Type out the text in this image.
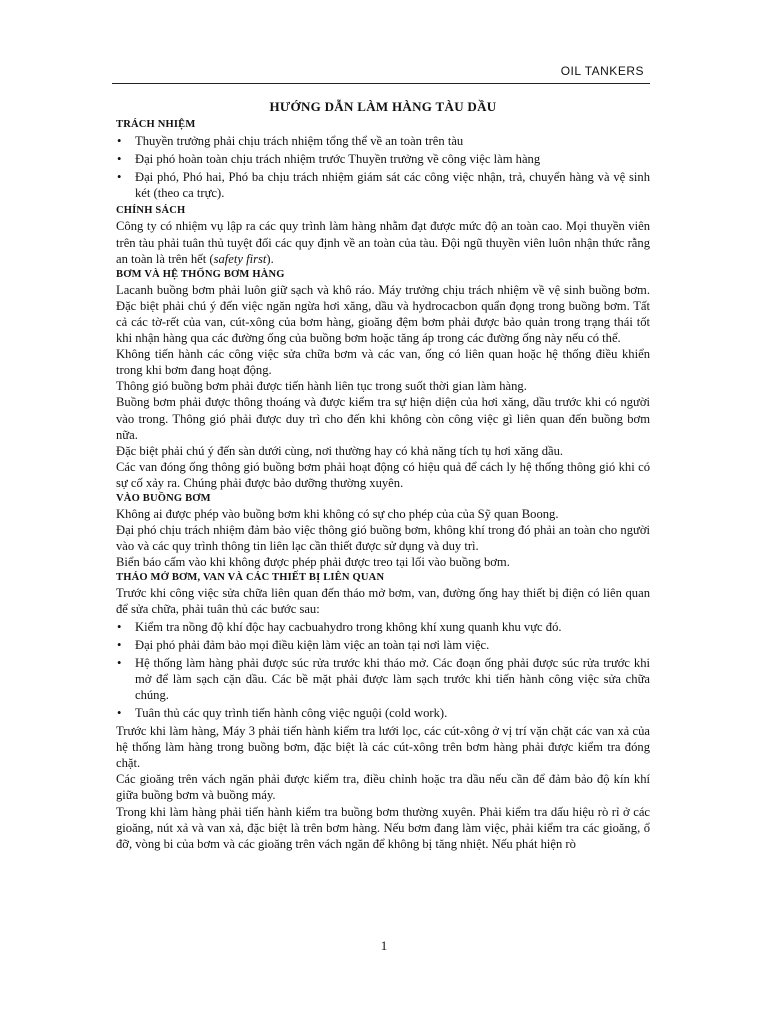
OIL TANKERS

HƯỚNG DẪN LÀM HÀNG TÀU DẦU

TRÁCH NHIỆM

• Thuyền trưởng phải chịu trách nhiệm tổng thể về an toàn trên tàu
• Đại phó hoàn toàn chịu trách nhiệm trước Thuyền trưởng về công việc làm hàng
• Đại phó, Phó hai, Phó ba chịu trách nhiệm giám sát các công việc nhận, trả, chuyển hàng và vệ sinh két (theo ca trực).

CHÍNH SÁCH

Công ty có nhiệm vụ lập ra các quy trình làm hàng nhằm đạt được mức độ an toàn cao. Mọi thuyền viên trên tàu phải tuân thủ tuyệt đối các quy định về an toàn của tàu. Đội ngũ thuyền viên luôn nhận thức rằng an toàn là trên hết (safety first).

BƠM VÀ HỆ THỐNG BƠM HÀNG

Lacanh buồng bơm phải luôn giữ sạch và khô ráo. Máy trưởng chịu trách nhiệm về vệ sinh buồng bơm. Đặc biệt phải chú ý đến việc ngăn ngừa hơi xăng, dầu và hydrocacbon quẩn đọng trong buồng bơm. Tất cả các tờ-rết của van, cút-xông của bơm hàng, gioăng đệm bơm phải được bảo quản trong trạng thái tốt khi nhận hàng qua các đường ống của buồng bơm hoặc tăng áp trong các đường ống này nếu có thể.

Không tiến hành các công việc sửa chữa bơm và các van, ống có liên quan hoặc hệ thống điều khiển trong khi bơm đang hoạt động.

Thông gió buồng bơm phải được tiến hành liên tục trong suốt thời gian làm hàng.

Buồng bơm phải được thông thoáng và được kiểm tra sự hiện diện của hơi xăng, dầu trước khi có người vào trong. Thông gió phải được duy trì cho đến khi không còn công việc gì liên quan đến buồng bơm nữa.

Đặc biệt phải chú ý đến sàn dưới cùng, nơi thường hay có khả năng tích tụ hơi xăng dầu.

Các van đóng ống thông gió buồng bơm phải hoạt động có hiệu quả để cách ly hệ thống thông gió khi có sự cố xảy ra. Chúng phải được bảo dưỡng thường xuyên.

VÀO BUỒNG BƠM

Không ai được phép vào buồng bơm khi không có sự cho phép của của Sỹ quan Boong.

Đại phó chịu trách nhiệm đảm bảo việc thông gió buồng bơm, không khí trong đó phải an toàn cho người vào và các quy trình thông tin liên lạc cần thiết được sử dụng và duy trì.

Biển báo cấm vào khi không được phép phải được treo tại lối vào buồng bơm.

THÁO MỞ BƠM, VAN VÀ CÁC THIẾT BỊ LIÊN QUAN

Trước khi công việc sửa chữa liên quan đến tháo mở bơm, van, đường ống hay thiết bị điện có liên quan để sửa chữa, phải tuân thủ các bước sau:

• Kiểm tra nồng độ khí độc hay cacbuahydro trong không khí xung quanh khu vực đó.
• Đại phó phải đảm bảo mọi điều kiện làm việc an toàn tại nơi làm việc.
• Hệ thống làm hàng phải được súc rửa trước khi tháo mở. Các đoạn ống phải được súc rửa trước khi mở để làm sạch cặn dầu. Các bề mặt phải được làm sạch trước khi tiến hành công việc sửa chữa chúng.
• Tuân thủ các quy trình tiến hành công việc nguội (cold work).

Trước khi làm hàng, Máy 3 phải tiến hành kiểm tra lưới lọc, các cút-xông ở vị trí vặn chặt các van xả của hệ thống làm hàng trong buồng bơm, đặc biệt là các cút-xông trên bơm hàng phải được kiểm tra đóng chặt.

Các gioăng trên vách ngăn phải được kiểm tra, điều chỉnh hoặc tra dầu nếu cần để đảm bảo độ kín khí giữa buồng bơm và buồng máy.

Trong khi làm hàng phải tiến hành kiểm tra buồng bơm thường xuyên. Phải kiểm tra dấu hiệu rò rỉ ở các gioăng, nút xả và van xả, đặc biệt là trên bơm hàng. Nếu bơm đang làm việc, phải kiểm tra các gioăng, ổ đỡ, vòng bi của bơm và các gioăng trên vách ngăn để không bị tăng nhiệt. Nếu phát hiện rò

1
